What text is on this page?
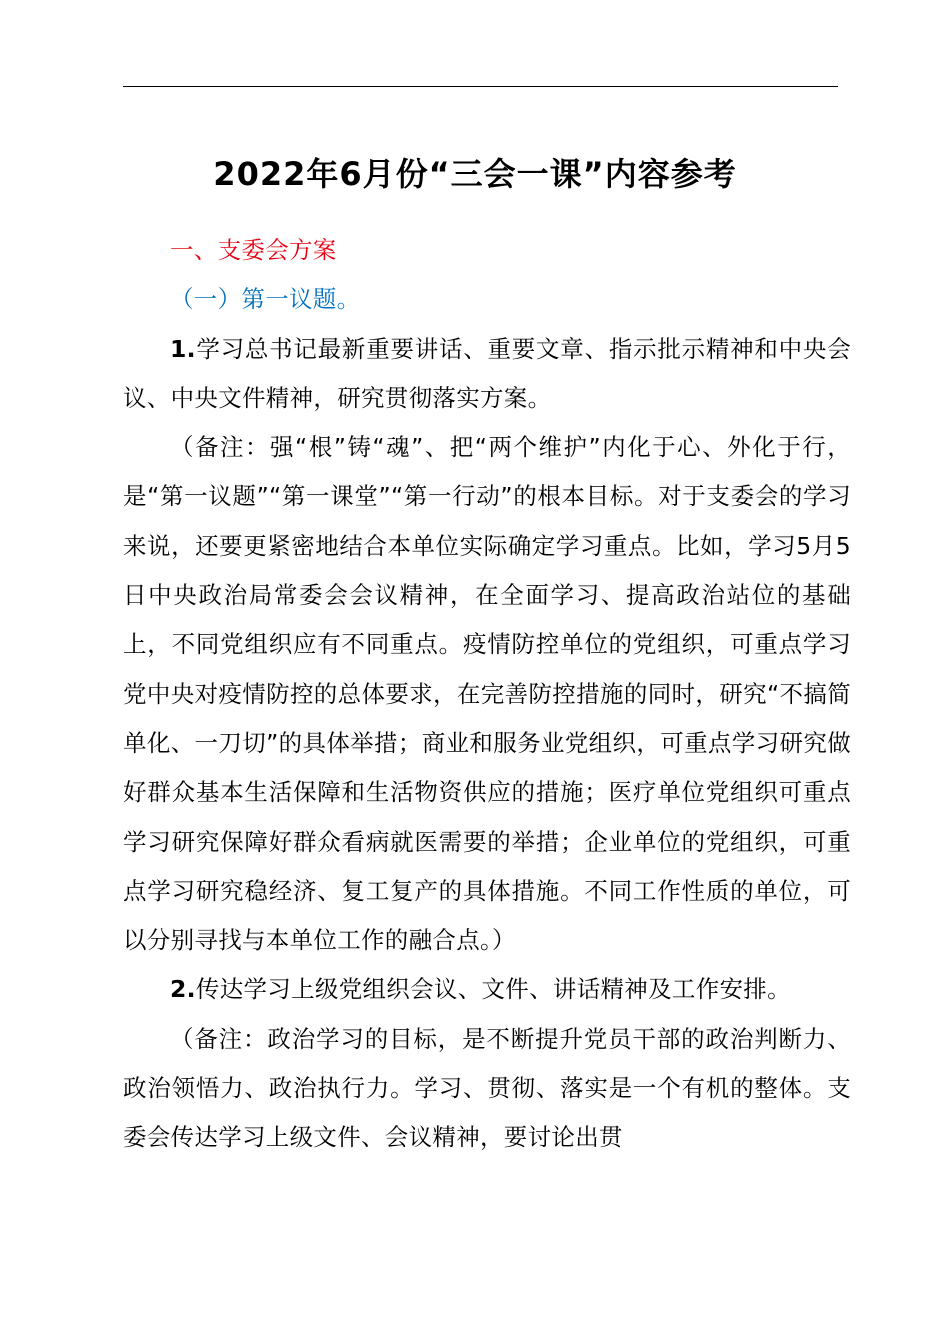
2022年6月份“三会一课”内容参考

一、支委会方案

（一）第一议题。

1.学习总书记最新重要讲话、重要文章、指示批示精神和中央会议、中央文件精神，研究贯彻落实方案。

（备注：强“根”铸“魂”、把“两个维护”内化于心、外化于行，是“第一议题”“第一课堂”“第一行动”的根本目标。对于支委会的学习来说，还要更紧密地结合本单位实际确定学习重点。比如，学习5月5日中央政治局常委会会议精神，在全面学习、提高政治站位的基础上，不同党组织应有不同重点。疫情防控单位的党组织，可重点学习党中央对疫情防控的总体要求，在完善防控措施的同时，研究“不搞简单化、一刀切”的具体举措；商业和服务业党组织，可重点学习研究做好群众基本生活保障和生活物资供应的措施；医疗单位党组织可重点学习研究保障好群众看病就医需要的举措；企业单位的党组织，可重点学习研究稳经济、复工复产的具体措施。不同工作性质的单位，可以分别寻找与本单位工作的融合点。）

2.传达学习上级党组织会议、文件、讲话精神及工作安排。

（备注：政治学习的目标，是不断提升党员干部的政治判断力、政治领悟力、政治执行力。学习、贯彻、落实是一个有机的整体。支委会传达学习上级文件、会议精神，要讨论出贯
